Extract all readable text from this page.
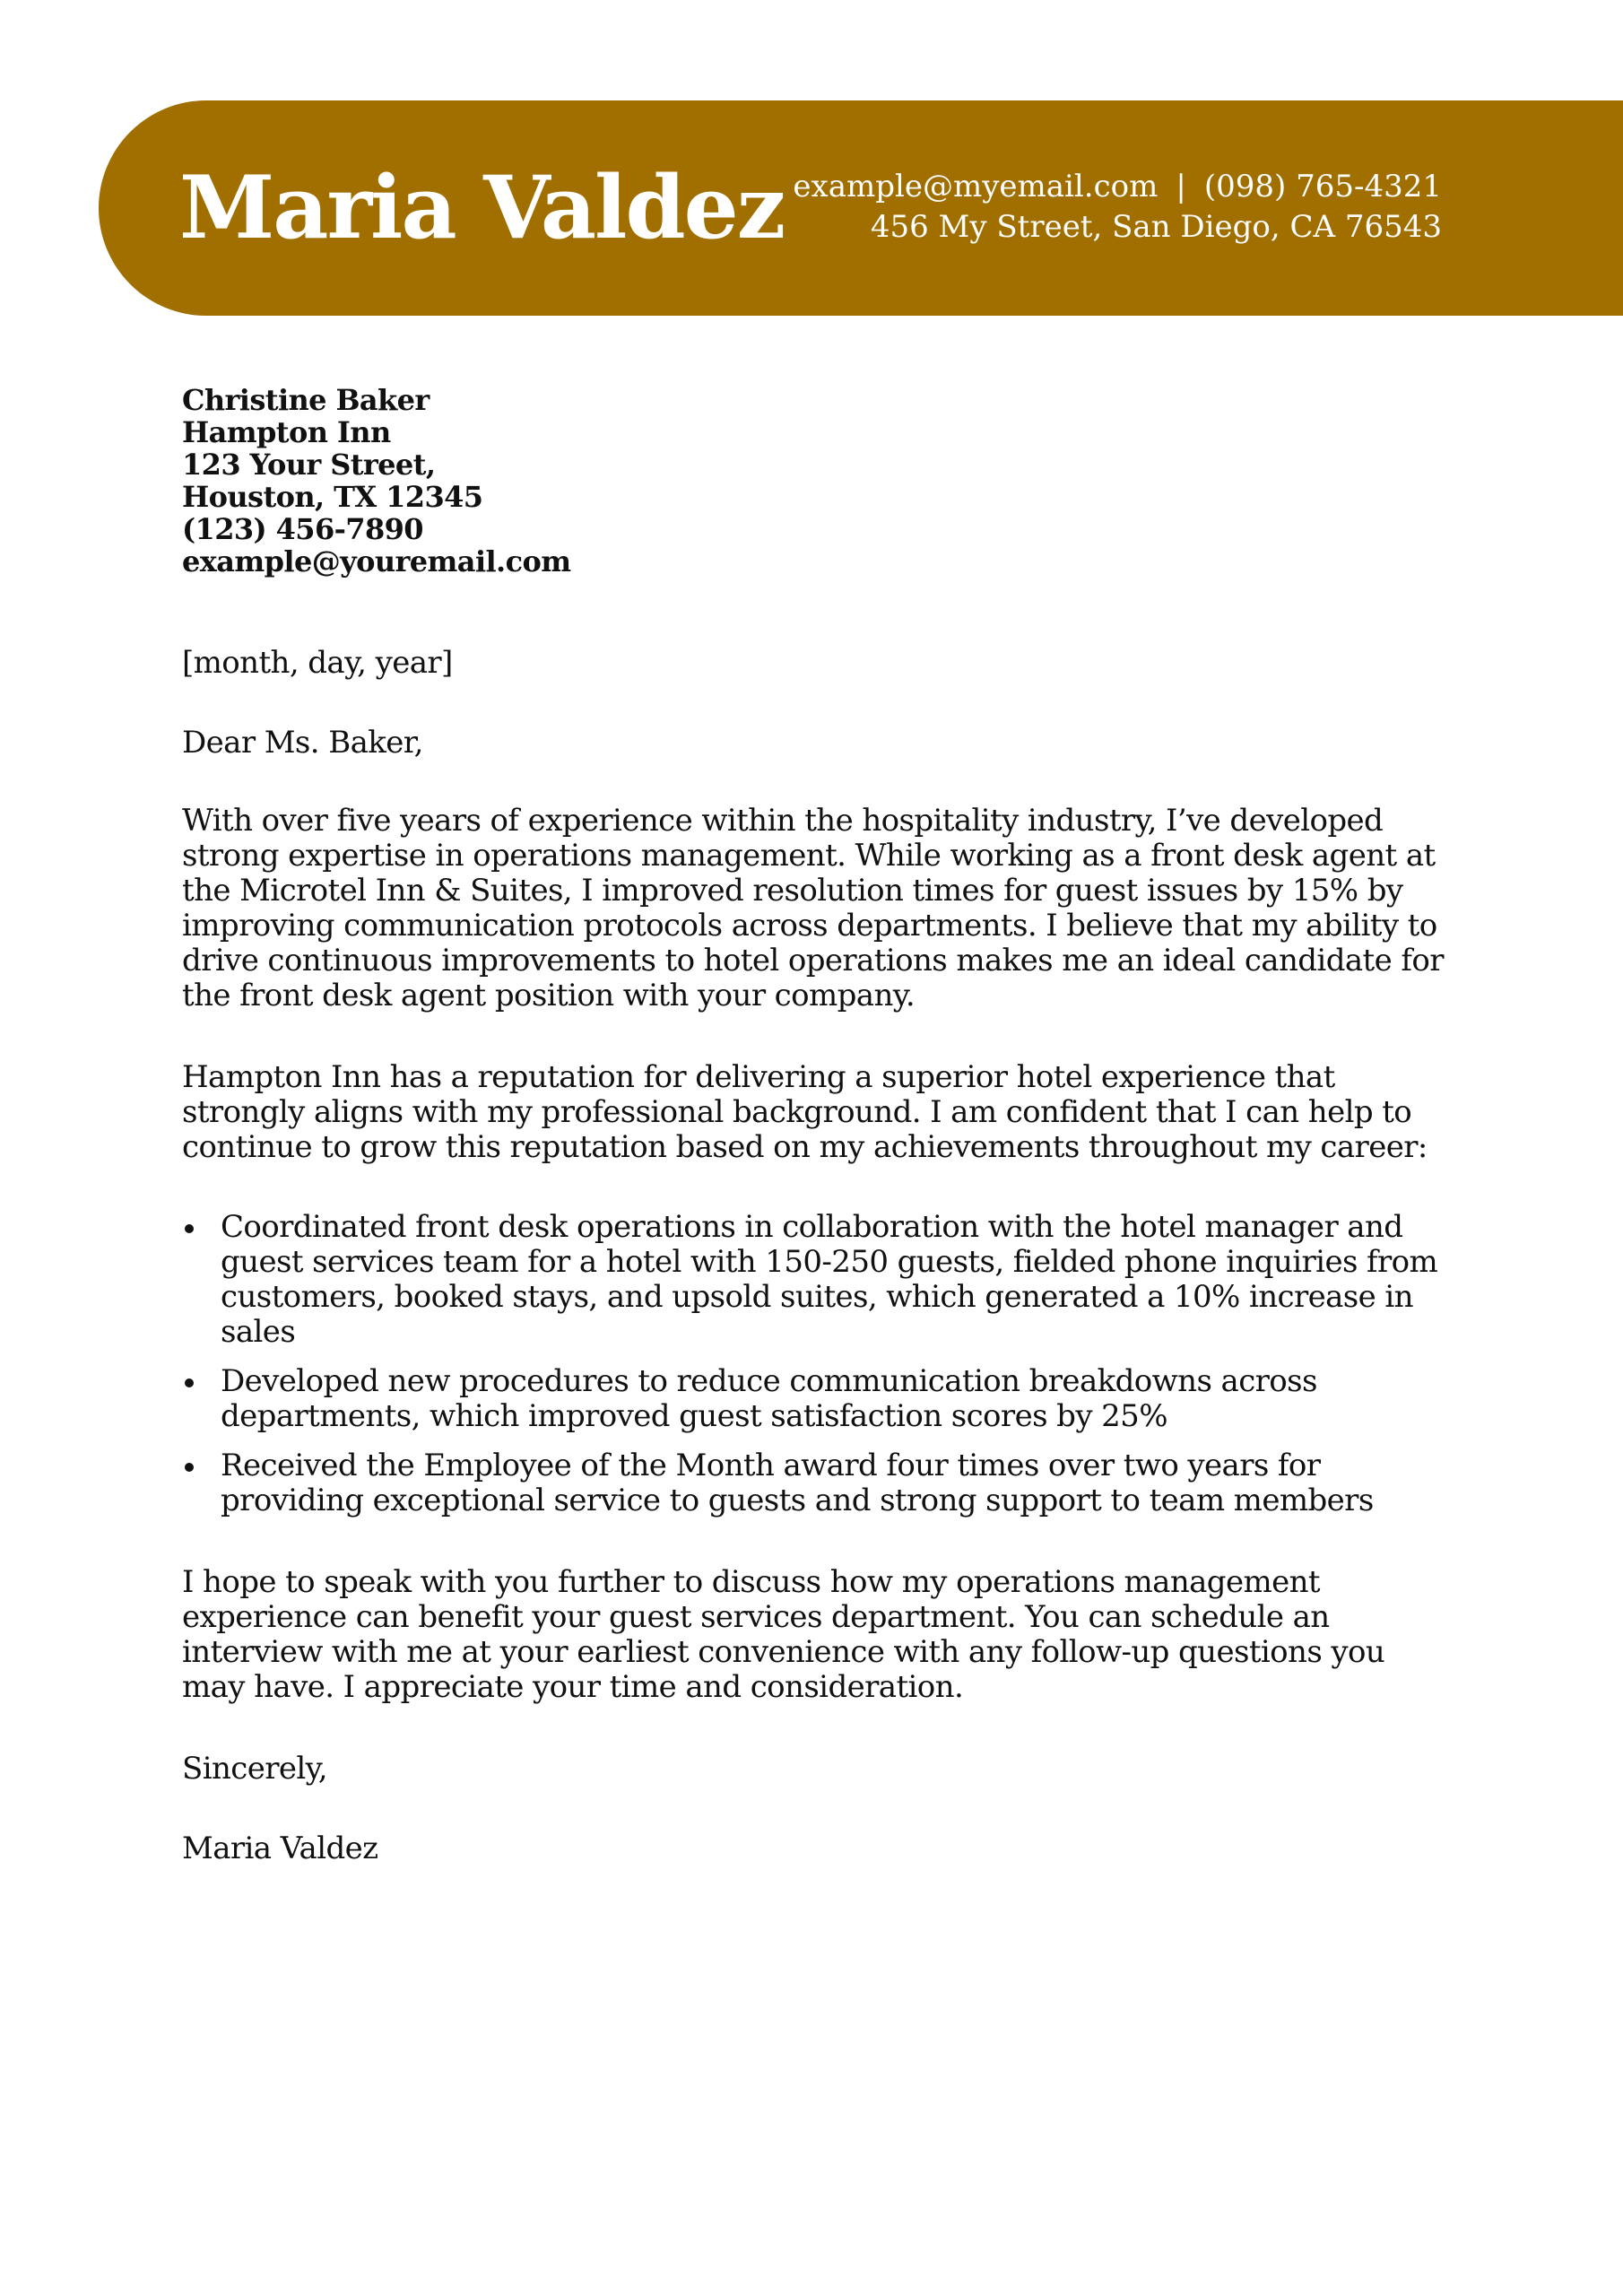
Maria Valdez example@myemail.com | (098) 765-4321
456 My Street, San Diego, CA 76543
Christine Baker
Hampton Inn
123 Your Street,
Houston, TX 12345
(123) 456-7890
example@youremail.com

[month, day, year]

Dear Ms. Baker,

With over five years of experience within the hospitality industry, I’ve developed strong expertise in operations management. While working as a front desk agent at the Microtel Inn & Suites, I improved resolution times for guest issues by 15% by improving communication protocols across departments. I believe that my ability to drive continuous improvements to hotel operations makes me an ideal candidate for the front desk agent position with your company.

Hampton Inn has a reputation for delivering a superior hotel experience that strongly aligns with my professional background. I am confident that I can help to continue to grow this reputation based on my achievements throughout my career:

Coordinated front desk operations in collaboration with the hotel manager and guest services team for a hotel with 150-250 guests, fielded phone inquiries from customers, booked stays, and upsold suites, which generated a 10% increase in sales
Developed new procedures to reduce communication breakdowns across departments, which improved guest satisfaction scores by 25%
Received the Employee of the Month award four times over two years for providing exceptional service to guests and strong support to team members

I hope to speak with you further to discuss how my operations management experience can benefit your guest services department. You can schedule an interview with me at your earliest convenience with any follow-up questions you may have. I appreciate your time and consideration.

Sincerely,

Maria Valdez
